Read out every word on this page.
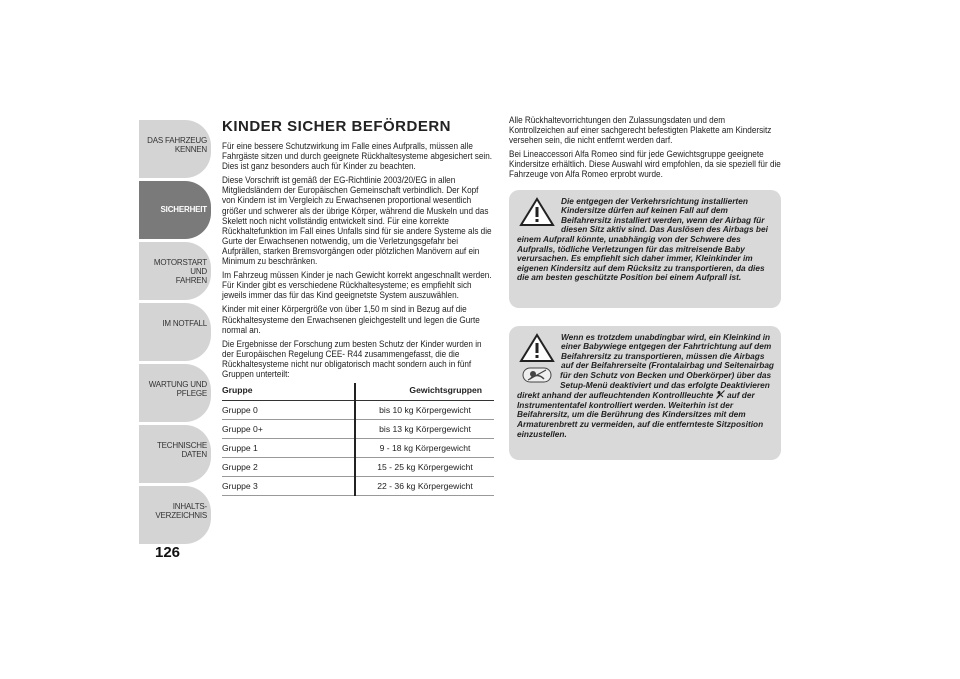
DAS FAHRZEUG
KENNEN
SICHERHEIT
MOTORSTART UND
FAHREN
IM NOTFALL
WARTUNG UND
PFLEGE
TECHNISCHE DATEN
INHALTS-
VERZEICHNIS
126
KINDER SICHER BEFÖRDERN

Für eine bessere Schutzwirkung im Falle eines Aufpralls, müssen alle Fahrgäste sitzen und durch geeignete Rückhaltesysteme abgesichert sein. Dies ist ganz besonders auch für Kinder zu beachten.

Diese Vorschrift ist gemäß der EG-Richtlinie 2003/20/EG in allen Mitgliedsländern der Europäischen Gemeinschaft verbindlich. Der Kopf von Kindern ist im Vergleich zu Erwachsenen proportional wesentlich größer und schwerer als der übrige Körper, während die Muskeln und das Skelett noch nicht vollständig entwickelt sind. Für eine korrekte Rückhaltefunktion im Fall eines Unfalls sind für sie andere Systeme als die Gurte der Erwachsenen notwendig, um die Verletzungsgefahr bei Aufprällen, starken Bremsvorgängen oder plötzlichen Manövern auf ein Minimum zu beschränken.

Im Fahrzeug müssen Kinder je nach Gewicht korrekt angeschnallt werden. Für Kinder gibt es verschiedene Rückhaltesysteme; es empfiehlt sich jeweils immer das für das Kind geeignetste System auszuwählen.

Kinder mit einer Körpergröße von über 1,50 m sind in Bezug auf die Rückhaltesysteme den Erwachsenen gleichgestellt und legen die Gurte normal an.

Die Ergebnisse der Forschung zum besten Schutz der Kinder wurden in der Europäischen Regelung CEE- R44 zusammengefasst, die die Rückhaltesysteme nicht nur obligatorisch macht sondern auch in fünf Gruppen unterteilt:

Gruppe	Gewichtsgruppen
Gruppe 0	bis 10 kg Körpergewicht
Gruppe 0+	bis 13 kg Körpergewicht
Gruppe 1	9 - 18 kg Körpergewicht
Gruppe 2	15 - 25 kg Körpergewicht
Gruppe 3	22 - 36 kg Körpergewicht

Alle Rückhaltevorrichtungen den Zulassungsdaten und dem Kontrollzeichen auf einer sachgerecht befestigten Plakette am Kindersitz versehen sein, die nicht entfernt werden darf.

Bei Lineaccessori Alfa Romeo sind für jede Gewichtsgruppe geeignete Kindersitze erhältlich. Diese Auswahl wird empfohlen, da sie speziell für die Fahrzeuge von Alfa Romeo erprobt wurde.

Die entgegen der Verkehrsrichtung installierten Kindersitze dürfen auf keinen Fall auf dem Beifahrersitz installiert werden, wenn der Airbag für diesen Sitz aktiv sind. Das Auslösen des Airbags bei einem Aufprall könnte, unabhängig von der Schwere des Aufpralls, tödliche Verletzungen für das mitreisende Baby verursachen. Es empfiehlt sich daher immer, Kleinkinder im eigenen Kindersitz auf dem Rücksitz zu transportieren, da dies die am besten geschützte Position bei einem Aufprall ist.
Wenn es trotzdem unabdingbar wird, ein Kleinkind in einer Babywiege entgegen der Fahrtrichtung auf dem Beifahrersitz zu transportieren, müssen die Airbags auf der Beifahrerseite (Frontalairbag und Seitenairbag für den Schutz von Becken und Oberkörper) über das Setup-Menü deaktiviert und das erfolgte Deaktivieren direkt anhand der aufleuchtenden Kontrollleuchte  auf der Instrumententafel kontrolliert werden. Weiterhin ist der Beifahrersitz, um die Berührung des Kindersitzes mit dem Armaturenbrett zu vermeiden, auf die entfernteste Sitzposition einzustellen.
